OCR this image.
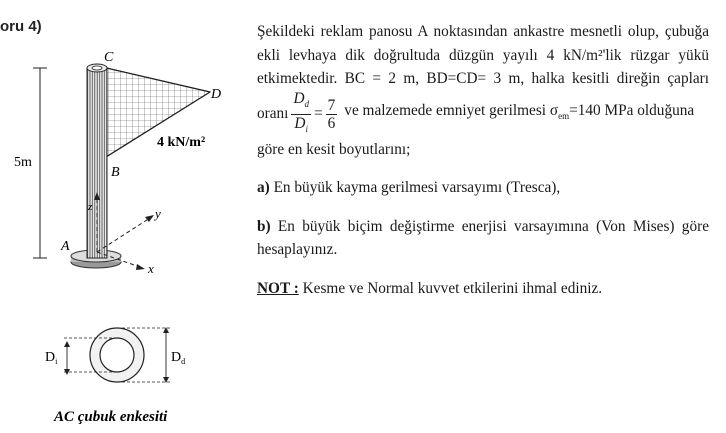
oru 4)
C
D
B
A
x
y
z
5m
4 kN/m²
$D_i$	$D_d$
AC çubuk enkesiti
Şekildeki reklam panosu A noktasından ankastre mesnetli olup, çubuğa
ekli levhaya dik doğrultuda düzgün yayılı 4 kN/m²'lik rüzgar yükü
etkimektedir. BC = 2 m, BD=CD= 3 m, halka kesitli direğin çapları
oranı $\frac{D_d}{D_i} = \frac{7}{6}$ ve malzemede emniyet gerilmesi $\sigma_{em}=140$ MPa olduğuna
göre en kesit boyutlarını;
a) En büyük kayma gerilmesi varsayımı (Tresca),
b) En büyük biçim değiştirme enerjisi varsayımına (Von Mises) göre
hesaplayınız.
NOT : Kesme ve Normal kuvvet etkilerini ihmal ediniz.
